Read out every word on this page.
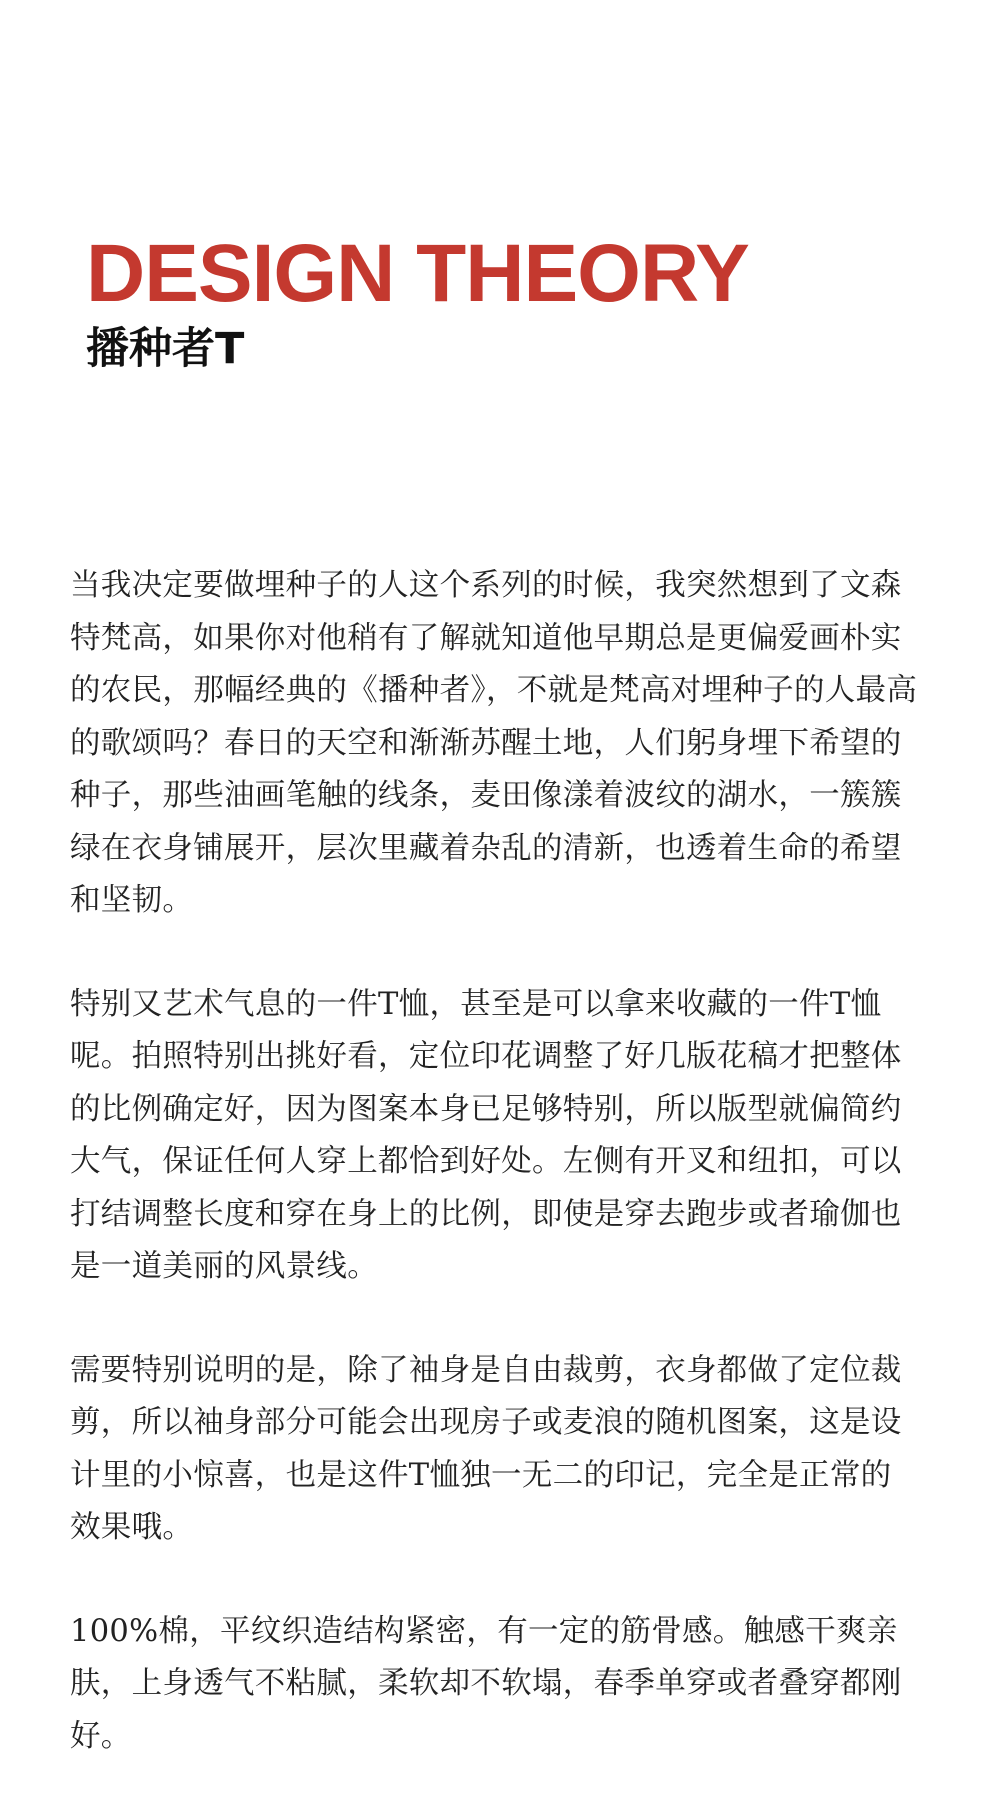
DESIGN THEORY
播种者T

当我决定要做埋种子的人这个系列的时候，我突然想到了文森特梵高，如果你对他稍有了解就知道他早期总是更偏爱画朴实的农民，那幅经典的《播种者》，不就是梵高对埋种子的人最高的歌颂吗？春日的天空和渐渐苏醒土地，人们躬身埋下希望的种子，那些油画笔触的线条，麦田像漾着波纹的湖水，一簇簇绿在衣身铺展开，层次里藏着杂乱的清新，也透着生命的希望和坚韧。

特别又艺术气息的一件T恤，甚至是可以拿来收藏的一件T恤呢。拍照特别出挑好看，定位印花调整了好几版花稿才把整体的比例确定好，因为图案本身已足够特别，所以版型就偏简约大气，保证任何人穿上都恰到好处。左侧有开叉和纽扣，可以打结调整长度和穿在身上的比例，即使是穿去跑步或者瑜伽也是一道美丽的风景线。

需要特别说明的是，除了袖身是自由裁剪，衣身都做了定位裁剪，所以袖身部分可能会出现房子或麦浪的随机图案，这是设计里的小惊喜，也是这件T恤独一无二的印记，完全是正常的效果哦。

100%棉，平纹织造结构紧密，有一定的筋骨感。触感干爽亲肤，上身透气不粘腻，柔软却不软塌，春季单穿或者叠穿都刚好。
